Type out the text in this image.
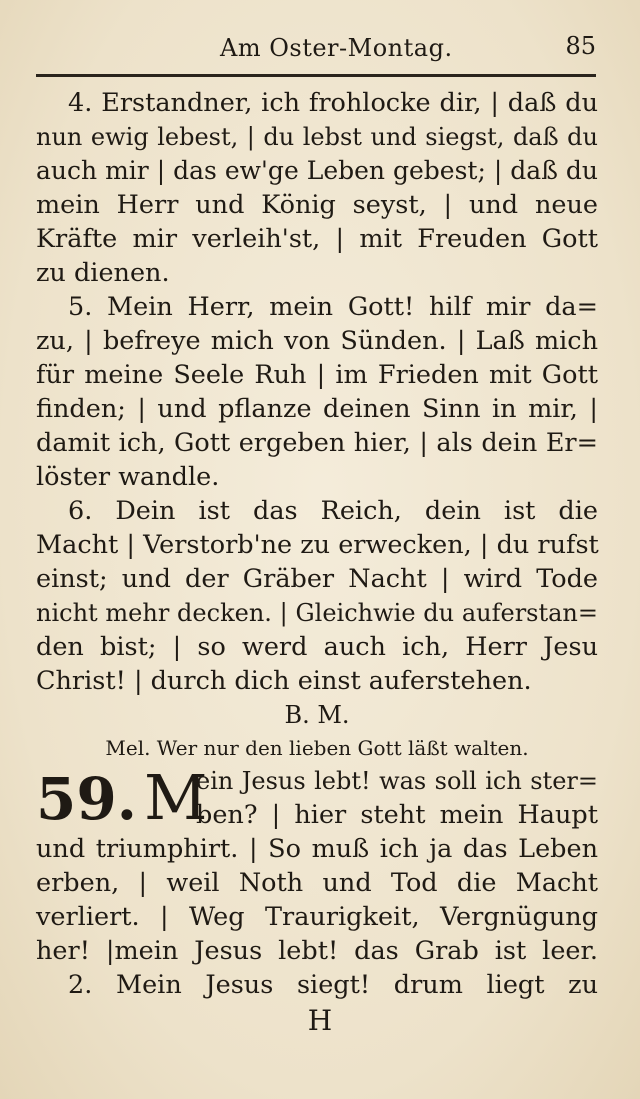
Am Oster-Montag.	85
4. Erstandner, ich frohlocke dir, | daß du
nun ewig lebest, | du lebst und siegst, daß du
auch mir | das ew'ge Leben gebest; | daß du
mein Herr und König seyst, | und neue
Kräfte mir verleih'st, | mit Freuden Gott
zu dienen.
5. Mein Herr, mein Gott! hilf mir da=
zu, | befreye mich von Sünden. | Laß mich
für meine Seele Ruh | im Frieden mit Gott
finden; | und pflanze deinen Sinn in mir, |
damit ich, Gott ergeben hier, | als dein Er=
löster wandle.
6. Dein ist das Reich, dein ist die
Macht | Verstorb'ne zu erwecken, | du rufst
einst; und der Gräber Nacht | wird Tode
nicht mehr decken. | Gleichwie du auferstan=
den bist; | so werd auch ich, Herr Jesu
Christ! | durch dich einst auferstehen.
B. M.
Mel. Wer nur den lieben Gott läßt walten.
59. M
ein Jesus lebt! was soll ich ster=
ben? | hier steht mein Haupt
und triumphirt. | So muß ich ja das Leben
erben, | weil Noth und Tod die Macht
verliert. | Weg Traurigkeit, Vergnügung
her! |mein Jesus lebt! das Grab ist leer.
2. Mein Jesus siegt! drum liegt zu
H
